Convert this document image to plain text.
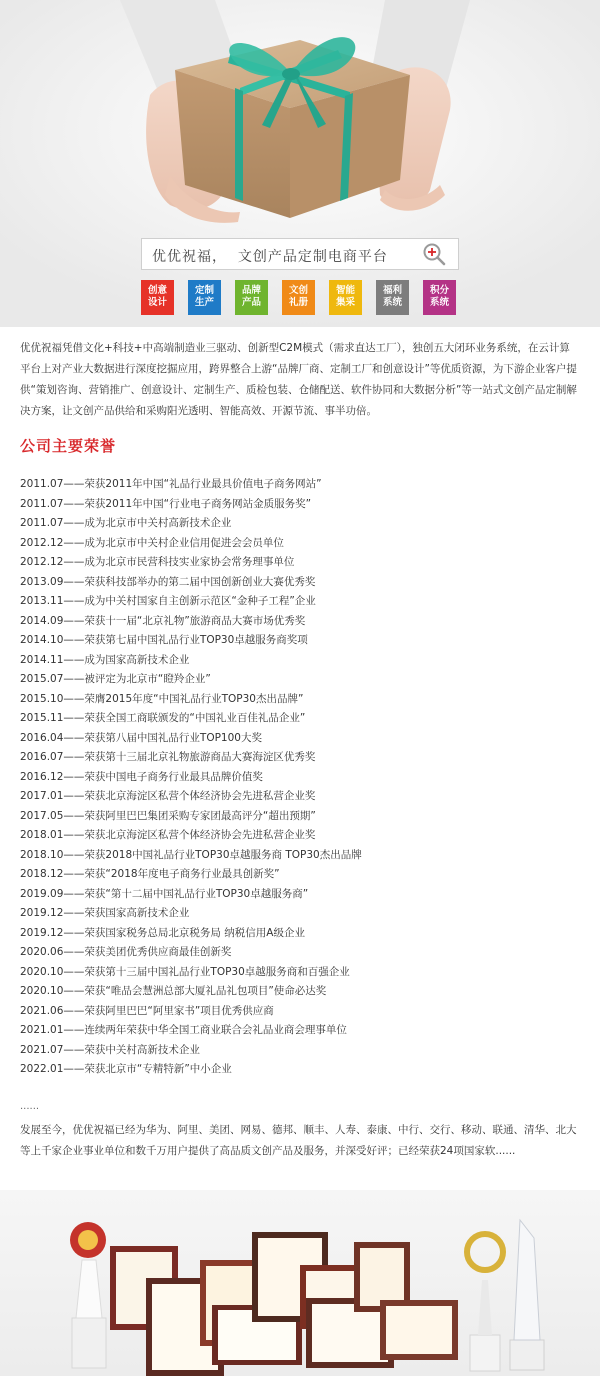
优优祝福，  文创产品定制电商平台
创意
设计
定制
生产
品牌
产品
文创
礼册
智能
集采
福利
系统
积分
系统

优优祝福凭借文化+科技+中高端制造业三驱动、创新型C2M模式（需求直达工厂），独创五大闭环业务系统，在云计算平台上对产业大数据进行深度挖掘应用，跨界整合上游“品牌厂商、定制工厂和创意设计”等优质资源，为下游企业客户提供“策划咨询、营销推广、创意设计、定制生产、质检包装、仓储配送、软件协同和大数据分析”等一站式文创产品定制解决方案，让文创产品供给和采购阳光透明、智能高效、开源节流、事半功倍。

公司主要荣誉
2011.07——荣获2011年中国“礼品行业最具价值电子商务网站”
2011.07——荣获2011年中国“行业电子商务网站金质服务奖”
2011.07——成为北京市中关村高新技术企业
2012.12——成为北京市中关村企业信用促进会会员单位
2012.12——成为北京市民营科技实业家协会常务理事单位
2013.09——荣获科技部举办的第二届中国创新创业大赛优秀奖
2013.11——成为中关村国家自主创新示范区“金种子工程”企业
2014.09——荣获十一届“北京礼物”旅游商品大赛市场优秀奖
2014.10——荣获第七届中国礼品行业TOP30卓越服务商奖项
2014.11——成为国家高新技术企业
2015.07——被评定为北京市“瞪羚企业”
2015.10——荣膺2015年度“中国礼品行业TOP30杰出品牌”
2015.11——荣获全国工商联颁发的“中国礼业百佳礼品企业”
2016.04——荣获第八届中国礼品行业TOP100大奖
2016.07——荣获第十三届北京礼物旅游商品大赛海淀区优秀奖
2016.12——荣获中国电子商务行业最具品牌价值奖
2017.01——荣获北京海淀区私营个体经济协会先进私营企业奖
2017.05——荣获阿里巴巴集团采购专家团最高评分“超出预期”
2018.01——荣获北京海淀区私营个体经济协会先进私营企业奖
2018.10——荣获2018中国礼品行业TOP30卓越服务商 TOP30杰出品牌
2018.12——荣获“2018年度电子商务行业最具创新奖”
2019.09——荣获“第十二届中国礼品行业TOP30卓越服务商”
2019.12——荣获国家高新技术企业
2019.12——荣获国家税务总局北京税务局 纳税信用A级企业
2020.06——荣获美团优秀供应商最佳创新奖
2020.10——荣获第十三届中国礼品行业TOP30卓越服务商和百强企业
2020.10——荣获“唯品会慧洲总部大厦礼品礼包项目”使命必达奖
2021.06——荣获阿里巴巴“阿里家书”项目优秀供应商
2021.01——连续两年荣获中华全国工商业联合会礼品业商会理事单位
2021.07——荣获中关村高新技术企业
2022.01——荣获北京市“专精特新”中小企业
......

发展至今，优优祝福已经为华为、阿里、美团、网易、德邦、顺丰、人寿、泰康、中行、交行、移动、联通、清华、北大等上千家企业事业单位和数千万用户提供了高品质文创产品及服务，并深受好评；已经荣获24项国家软......
